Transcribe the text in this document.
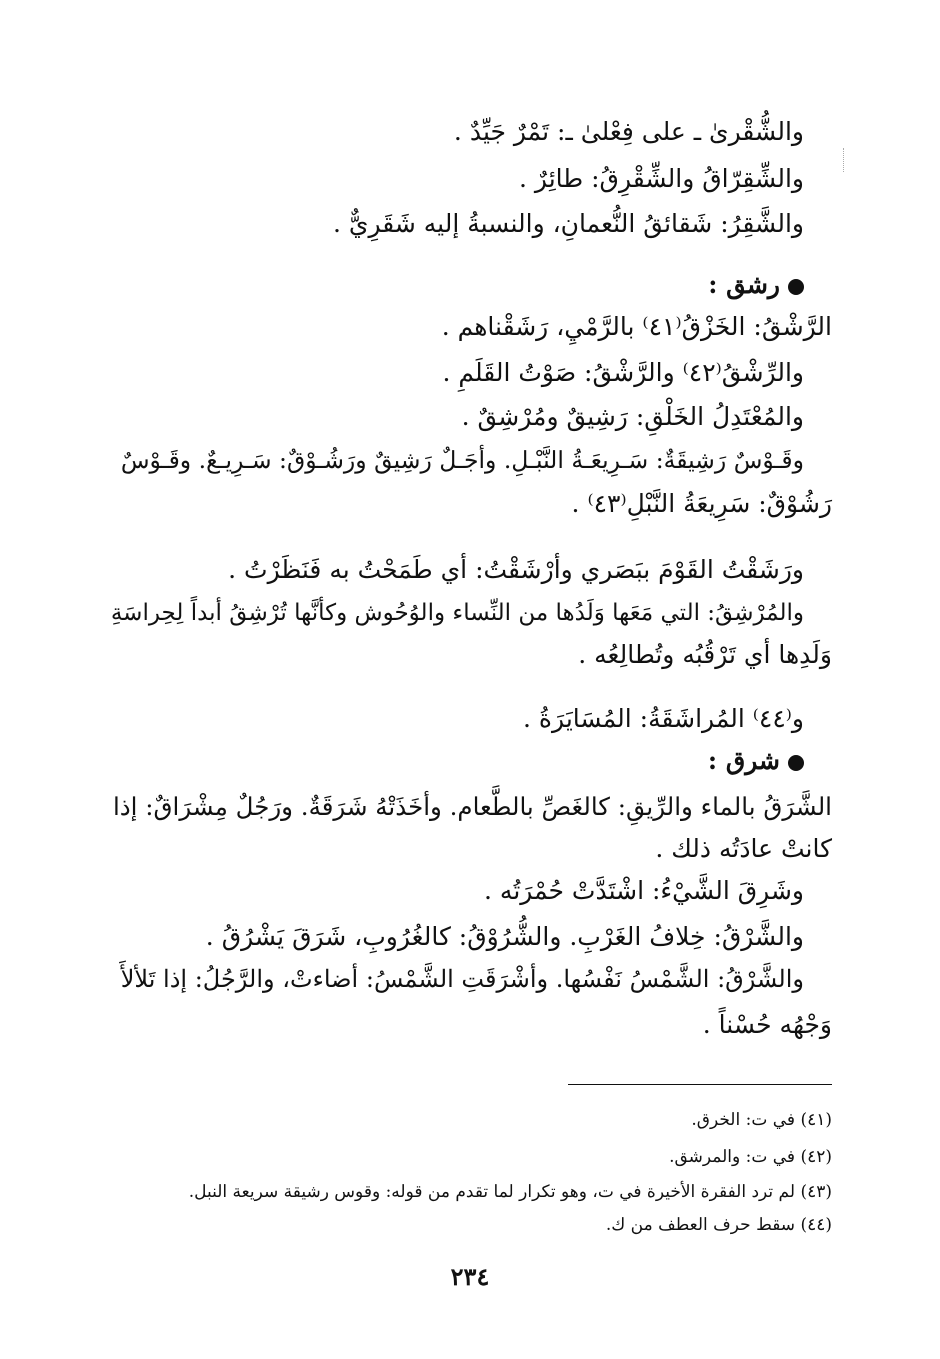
والشُّقْرىٰ ـ على فِعْلىٰ ـ: تَمْرٌ جَيِّدٌ .
والشِّقِرّاقُ والشِّقْرِقُ: طائِرٌ .
والشَّقِرُ: شَقائقُ النُّعمانِ، والنسبةُ إليه شَقَرِيٌّ .
رشق :
الرَّشْقُ: الخَزْقُ⁽٤١⁾ بالرَّمْيِ، رَشَقْناهم .
والرِّشْقُ⁽٤٢⁾ والرَّشْقُ: صَوْتُ القَلَمِ .
والمُعْتَدِلُ الخَلْقِ: رَشِيقٌ ومُرْشِقٌ .
وقَـوْسٌ رَشِيقَةٌ: سَـرِيعَـةُ النَّبْـلِ. وأجَـلٌ رَشِيقٌ ورَشُـوْقٌ: سَـرِيـعٌ. وقَـوْسٌ
رَشُوْقٌ: سَرِيعَةُ النَّبْلِ⁽٤٣⁾ .
ورَشَقْتُ القَوْمَ ببَصَري وأرْشَقْتُ: أي طَمَحْتُ به فَنَظَرْتُ .
والمُرْشِقُ: التي مَعَها وَلَدُها من النِّساء والوُحُوش وكأنَّها تُرْشِقُ أبداً لِحِراسَةِ
وَلَدِها أي تَرْقُبُه وتُطالِعُه .
و⁽٤٤⁾ المُراشَقَةُ: المُسَايَرَةُ .
شرق :
الشَّرَقُ بالماء والرِّيقِ: كالغَصِّ بالطَّعام. وأخَذَتْهُ شَرَقَةٌ. ورَجُلٌ مِشْرَاقٌ: إذا
كانتْ عادَتُه ذلك .
وشَرِقَ الشَّيْءُ: اشْتَدَّتْ حُمْرَتُه .
والشَّرْقُ: خِلافُ الغَرْبِ. والشُّرُوْقُ: كالغُرُوبِ، شَرَقَ يَشْرُقُ .
والشَّرْقُ: الشَّمْسُ نَفْسُها. وأشْرَقَتِ الشَّمْسُ: أضاءتْ، والرَّجُلُ: إذا تَلألأَ
وَجْهُه حُسْناً .
(٤١) في ت: الخرق.
(٤٢) في ت: والمرشق.
(٤٣) لم ترد الفقرة الأخيرة في ت، وهو تكرار لما تقدم من قوله: وقوس رشيقة سريعة النبل.
(٤٤) سقط حرف العطف من ك.
٢٣٤
